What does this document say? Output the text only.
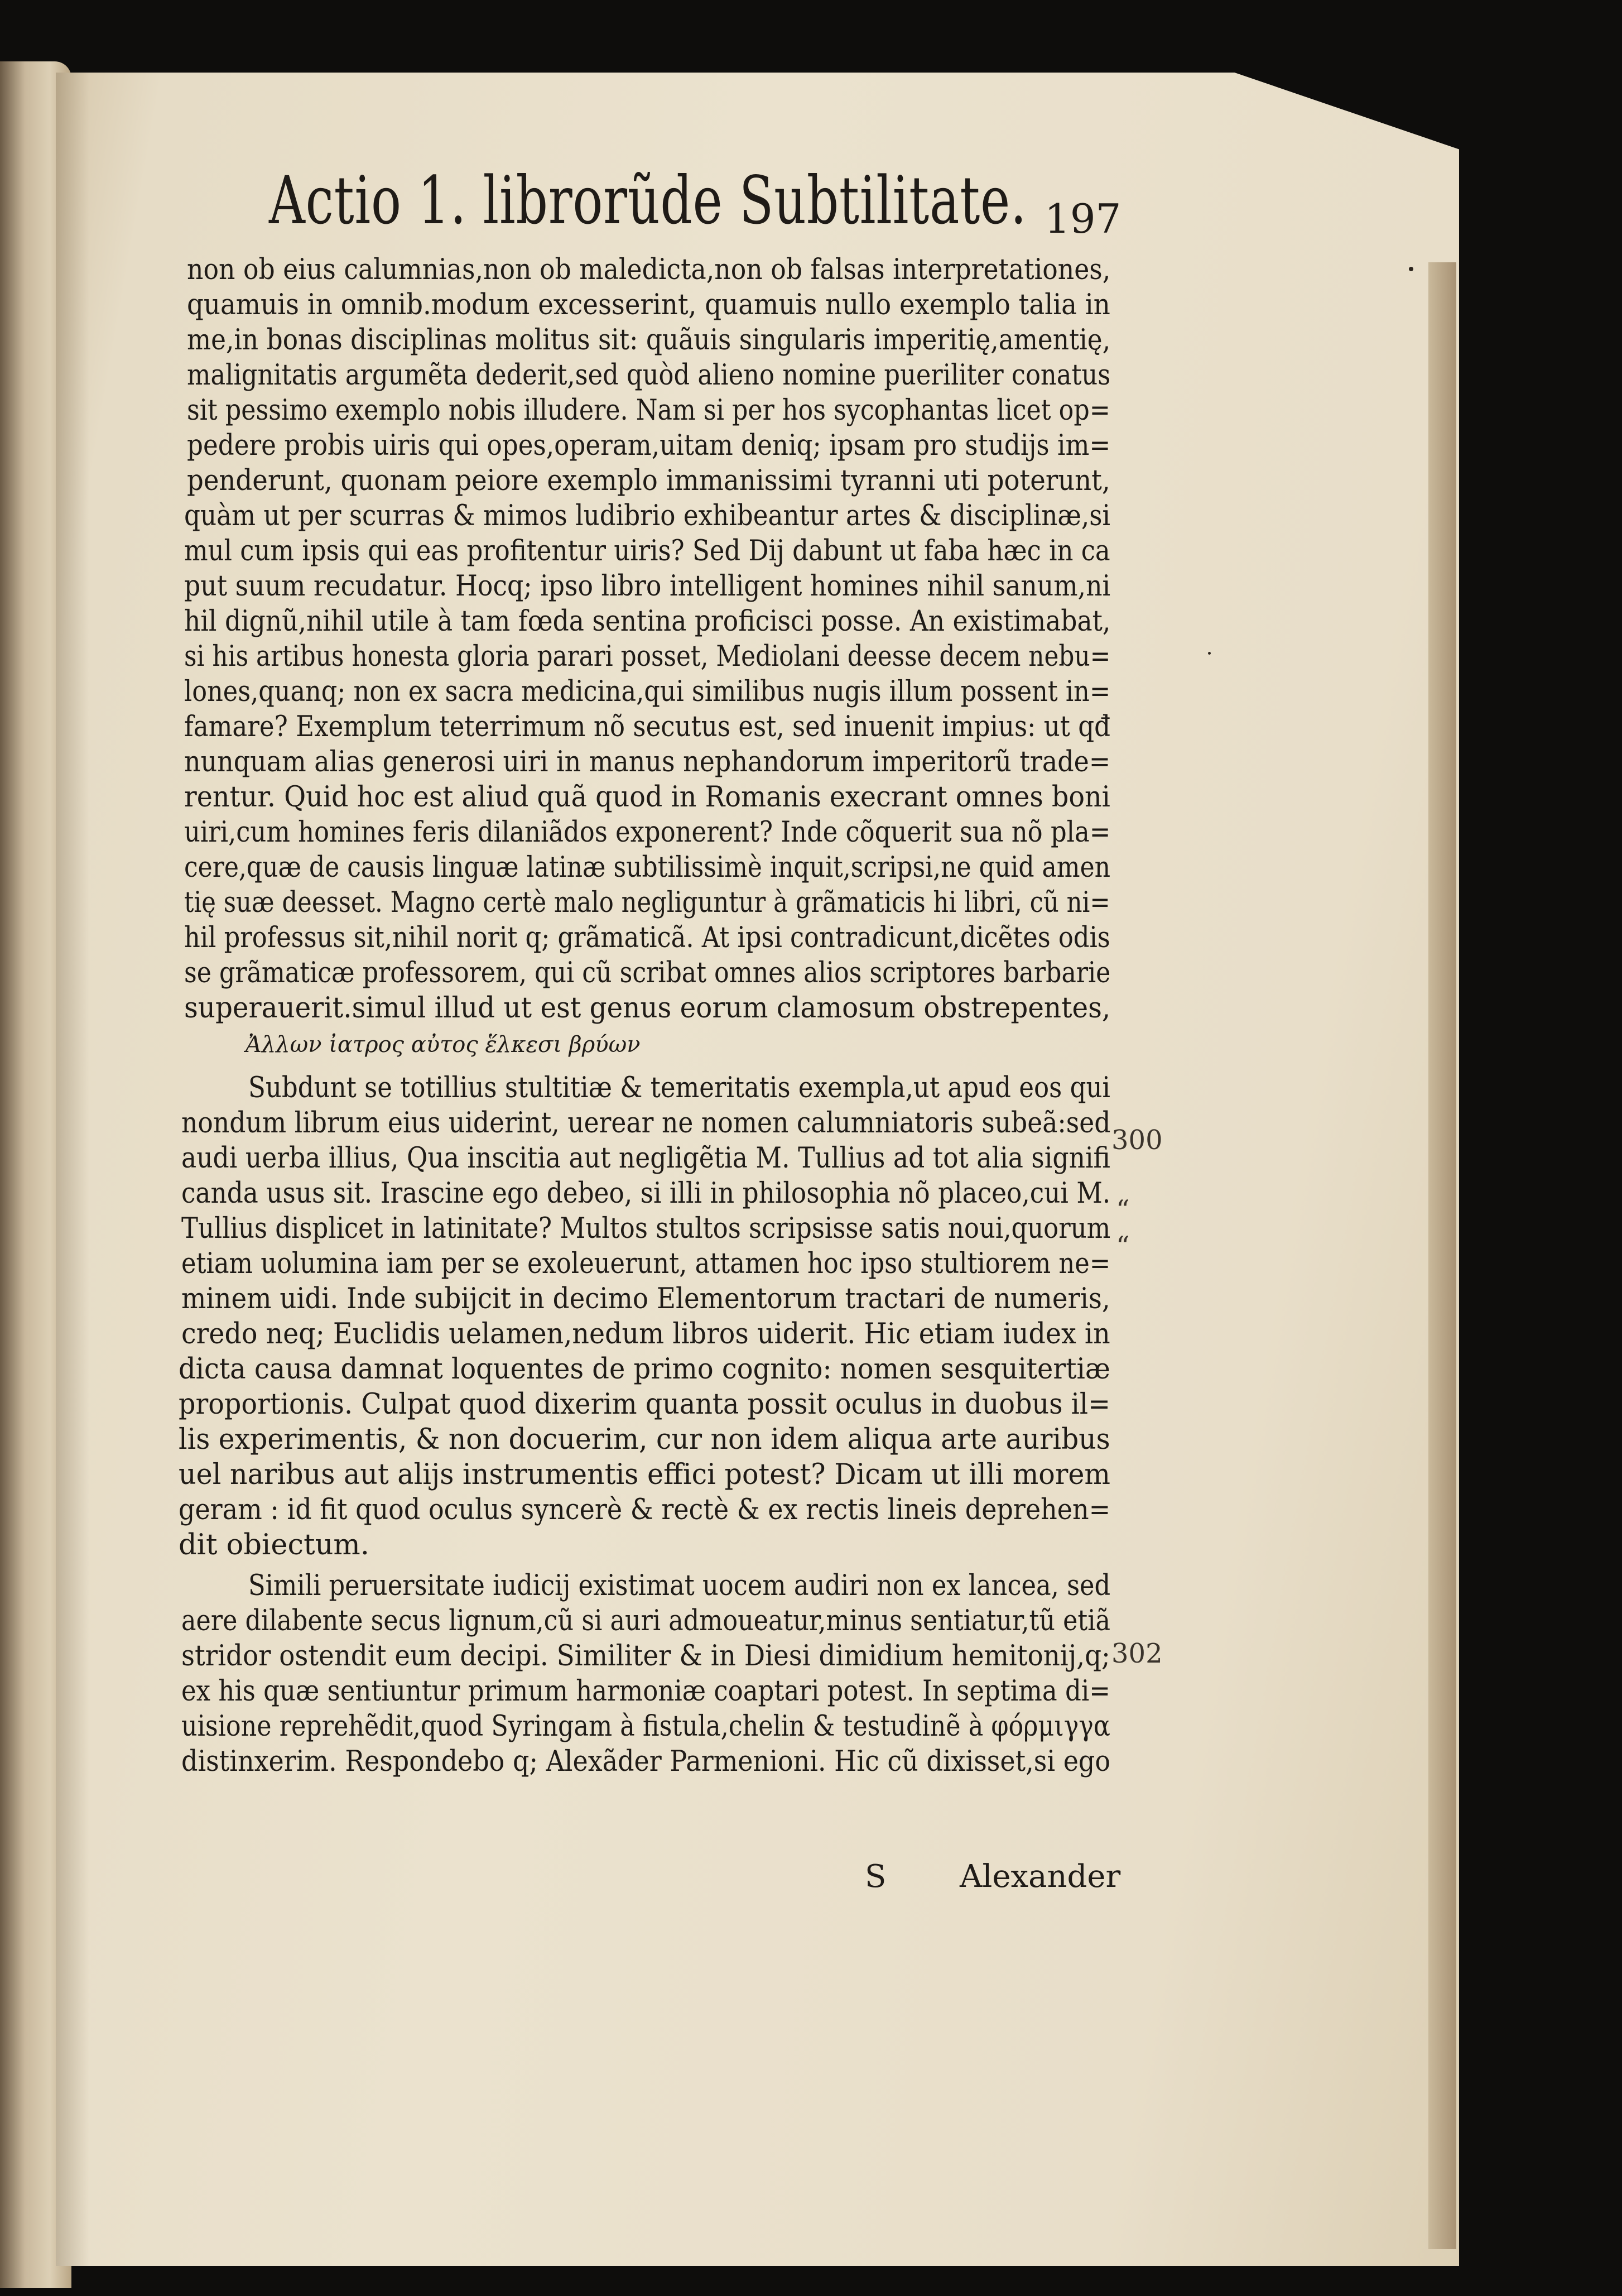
Actio 1. librorũde Subtilitate. 197
non ob eius calumnias,non ob maledicta,non ob falsas interpretationes,
quamuis in omnib.modum excesserint, quamuis nullo exemplo talia in
me,in bonas disciplinas molitus sit: quãuis singularis imperitię,amentię,
malignitatis argumẽta dederit,sed quòd alieno nomine pueriliter conatus
sit pessimo exemplo nobis illudere. Nam si per hos sycophantas licet op=
pedere probis uiris qui opes,operam,uitam deniq; ipsam pro studijs im=
penderunt, quonam peiore exemplo immanissimi tyranni uti poterunt,
quàm ut per scurras & mimos ludibrio exhibeantur artes & disciplinæ,si
mul cum ipsis qui eas profitentur uiris? Sed Dij dabunt ut faba hæc in ca
put suum recudatur. Hocq; ipso libro intelligent homines nihil sanum,ni
hil dignũ,nihil utile à tam fœda sentina proficisci posse. An existimabat,
si his artibus honesta gloria parari posset, Mediolani deesse decem nebu=
lones,quanq; non ex sacra medicina,qui similibus nugis illum possent in=
famare? Exemplum teterrimum nõ secutus est, sed inuenit impius: ut qđ
nunquam alias generosi uiri in manus nephandorum imperitorũ trade=
rentur. Quid hoc est aliud quã quod in Romanis execrant omnes boni
uiri,cum homines feris dilaniãdos exponerent? Inde cõquerit sua nõ pla=
cere,quæ de causis linguæ latinæ subtilissimè inquit,scripsi,ne quid amen
tię suæ deesset. Magno certè malo negliguntur à grãmaticis hi libri, cũ ni=
hil professus sit,nihil norit q; grãmaticã. At ipsi contradicunt,dicẽtes odis
se grãmaticæ professorem, qui cũ scribat omnes alios scriptores barbarie
superauerit.simul illud ut est genus eorum clamosum obstrepentes,
Ἀλλων ἰατρος αὐτος ἕλκεσι βρύων
Subdunt se totillius stultitiæ & temeritatis exempla,ut apud eos qui
nondum librum eius uiderint, uerear ne nomen calumniatoris subeã:sed
audi uerba illius, Qua inscitia aut negligẽtia M. Tullius ad tot alia signifi
canda usus sit. Irascine ego debeo, si illi in philosophia nõ placeo,cui M.
Tullius displicet in latinitate? Multos stultos scripsisse satis noui,quorum
etiam uolumina iam per se exoleuerunt, attamen hoc ipso stultiorem ne=
minem uidi. Inde subijcit in decimo Elementorum tractari de numeris,
credo neq; Euclidis uelamen,nedum libros uiderit. Hic etiam iudex in
dicta causa damnat loquentes de primo cognito: nomen sesquitertiæ
proportionis. Culpat quod dixerim quanta possit oculus in duobus il=
lis experimentis, & non docuerim, cur non idem aliqua arte auribus
uel naribus aut alijs instrumentis effici potest? Dicam ut illi morem
geram : id fit quod oculus syncerè & rectè & ex rectis lineis deprehen=
dit obiectum.
Simili peruersitate iudicij existimat uocem audiri non ex lancea, sed
aere dilabente secus lignum,cũ si auri admoueatur,minus sentiatur,tũ etiã
stridor ostendit eum decipi. Similiter & in Diesi dimidium hemitonij,q;
ex his quæ sentiuntur primum harmoniæ coaptari potest. In septima di=
uisione reprehẽdit,quod Syringam à fistula,chelin & testudinẽ à φόρμιγγα
distinxerim. Respondebo q; Alexãder Parmenioni. Hic cũ dixisset,si ego
300
“
“
302
S Alexander
